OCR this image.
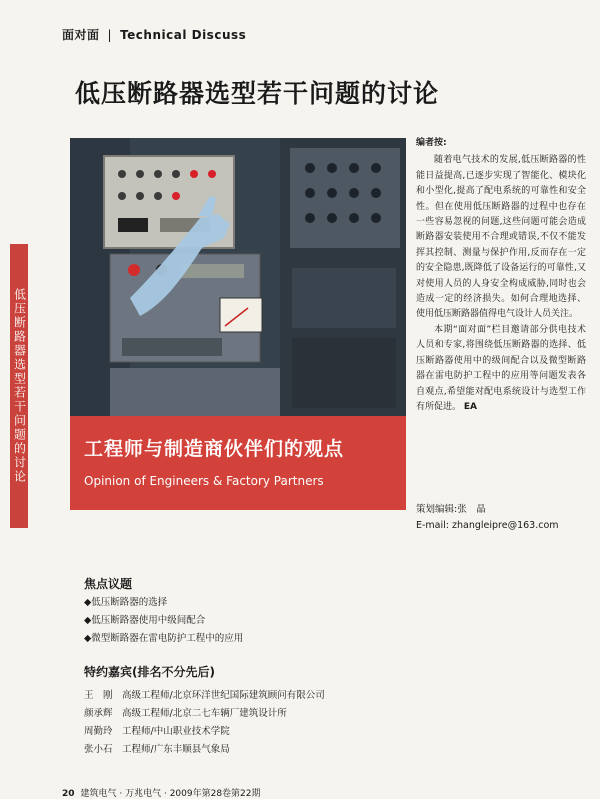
面对面 | Technical Discuss
低压断路器选型若干问题的讨论
低压断路器选型若干问题的讨论	工程师与制造商伙伴们的观点
Opinion of Engineers & Factory Partners

编者按:

随着电气技术的发展,低压断路器的性能日益提高,已逐步实现了智能化、模块化和小型化,提高了配电系统的可靠性和安全性。但在使用低压断路器的过程中也存在一些容易忽视的问题,这些问题可能会造成断路器安装使用不合理或错误,不仅不能发挥其控制、测量与保护作用,反而存在一定的安全隐患,既降低了设备运行的可靠性,又对使用人员的人身安全构成威胁,同时也会造成一定的经济损失。如何合理地选择、使用低压断路器值得电气设计人员关注。

本期“面对面”栏目邀请部分供电技术人员和专家,将围绕低压断路器的选择、低压断路器使用中的级间配合以及微型断路器在雷电防护工程中的应用等问题发表各自观点,希望能对配电系统设计与选型工作有所促进。 EA

策划编辑:张　晶
E-mail: zhangleipre@163.com
焦点议题
◆低压断路器的选择
◆低压断路器使用中级间配合
◆微型断路器在雷电防护工程中的应用
特约嘉宾(排名不分先后)
王　刚 高级工程师/北京环洋世纪国际建筑顾问有限公司
颜承辉 高级工程师/北京二七车辆厂建筑设计所
周勤玲 工程师/中山职业技术学院
张小石 工程师/广东丰顺县气象局
20 建筑电气 · 万兆电气 · 2009年第28卷第22期
